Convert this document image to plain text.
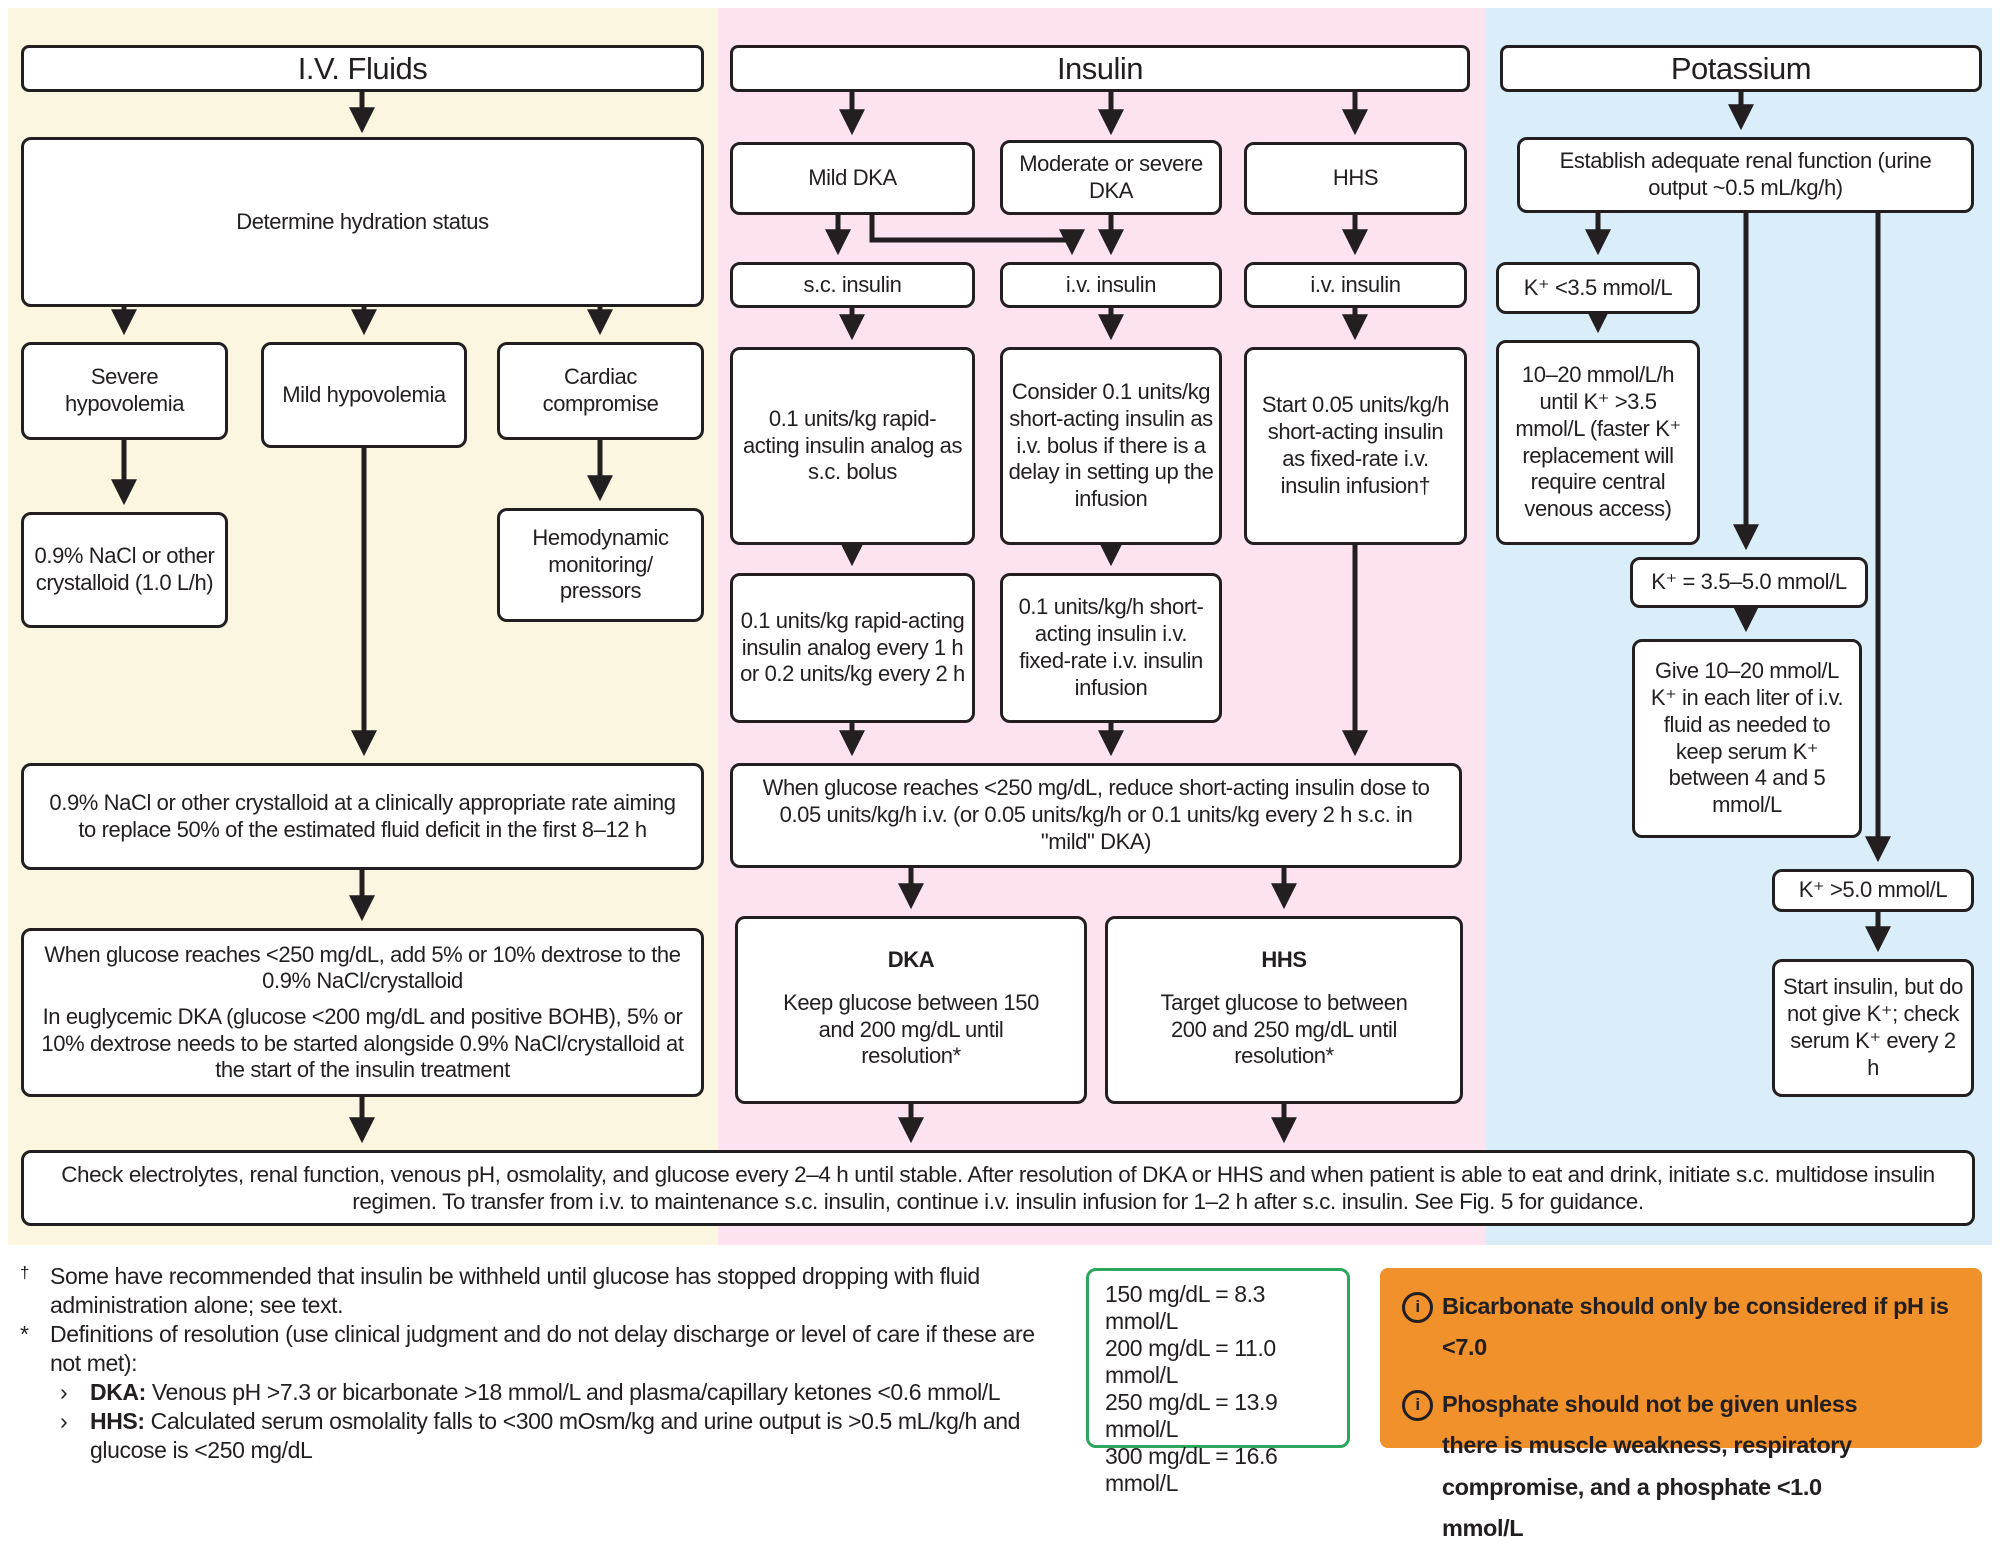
I.V. Fluids
Determine hydration status
Severe hypovolemia	Mild hypovolemia
Cardiac compromise
0.9% NaCl or other crystalloid (1.0 L/h)
Hemodynamic monitoring/ pressors
0.9% NaCl or other crystalloid at a clinically appropriate rate aiming to replace 50% of the estimated fluid deficit in the first 8–12 h

When glucose reaches <250 mg/dL, add 5% or 10% dextrose to the 0.9% NaCl/crystalloid

In euglycemic DKA (glucose <200 mg/dL and positive BOHB), 5% or 10% dextrose needs to be started alongside 0.9% NaCl/crystalloid at the start of the insulin treatment

Insulin
Mild DKA
Moderate or severe DKA	HHS
s.c. insulin	i.v. insulin	i.v. insulin
0.1 units/kg rapid-acting insulin analog as s.c. bolus
Consider 0.1 units/kg short-acting insulin as i.v. bolus if there is a delay in setting up the infusion
Start 0.05 units/kg/h short-acting insulin as fixed-rate i.v. insulin infusion†
0.1 units/kg rapid-acting insulin analog every 1 h or 0.2 units/kg every 2 h
0.1 units/kg/h short-acting insulin i.v. fixed-rate i.v. insulin infusion
When glucose reaches <250 mg/dL, reduce short-acting insulin dose to 0.05 units/kg/h i.v. (or 0.05 units/kg/h or 0.1 units/kg every 2 h s.c. in "mild" DKA)
DKA

Keep glucose between 150 and 200 mg/dL until resolution*

HHS

Target glucose to between 200 and 250 mg/dL until resolution*

Potassium
Establish adequate renal function (urine output ~0.5 mL/kg/h)
K⁺ <3.5 mmol/L
10–20 mmol/L/h until K⁺ >3.5 mmol/L (faster K⁺ replacement will require central venous access)
K⁺ = 3.5–5.0 mmol/L
Give 10–20 mmol/L K⁺ in each liter of i.v. fluid as needed to keep serum K⁺ between 4 and 5 mmol/L
K⁺ >5.0 mmol/L
Start insulin, but do not give K⁺; check serum K⁺ every 2 h
Check electrolytes, renal function, venous pH, osmolality, and glucose every 2–4 h until stable. After resolution of DKA or HHS and when patient is able to eat and drink, initiate s.c. multidose insulin regimen. To transfer from i.v. to maintenance s.c. insulin, continue i.v. insulin infusion for 1–2 h after s.c. insulin. See Fig. 5 for guidance.
† Some have recommended that insulin be withheld until glucose has stopped dropping with fluid administration alone; see text.
* Definitions of resolution (use clinical judgment and do not delay discharge or level of care if these are not met):
› DKA: Venous pH >7.3 or bicarbonate >18 mmol/L and plasma/capillary ketones <0.6 mmol/L
› HHS: Calculated serum osmolality falls to <300 mOsm/kg and urine output is >0.5 mL/kg/h and glucose is <250 mg/dL
150 mg/dL = 8.3 mmol/L
200 mg/dL = 11.0 mmol/L
250 mg/dL = 13.9 mmol/L
300 mg/dL = 16.6 mmol/L
i Bicarbonate should only be considered if pH is <7.0
i Phosphate should not be given unless there is muscle weakness, respiratory compromise, and a phosphate <1.0 mmol/L
